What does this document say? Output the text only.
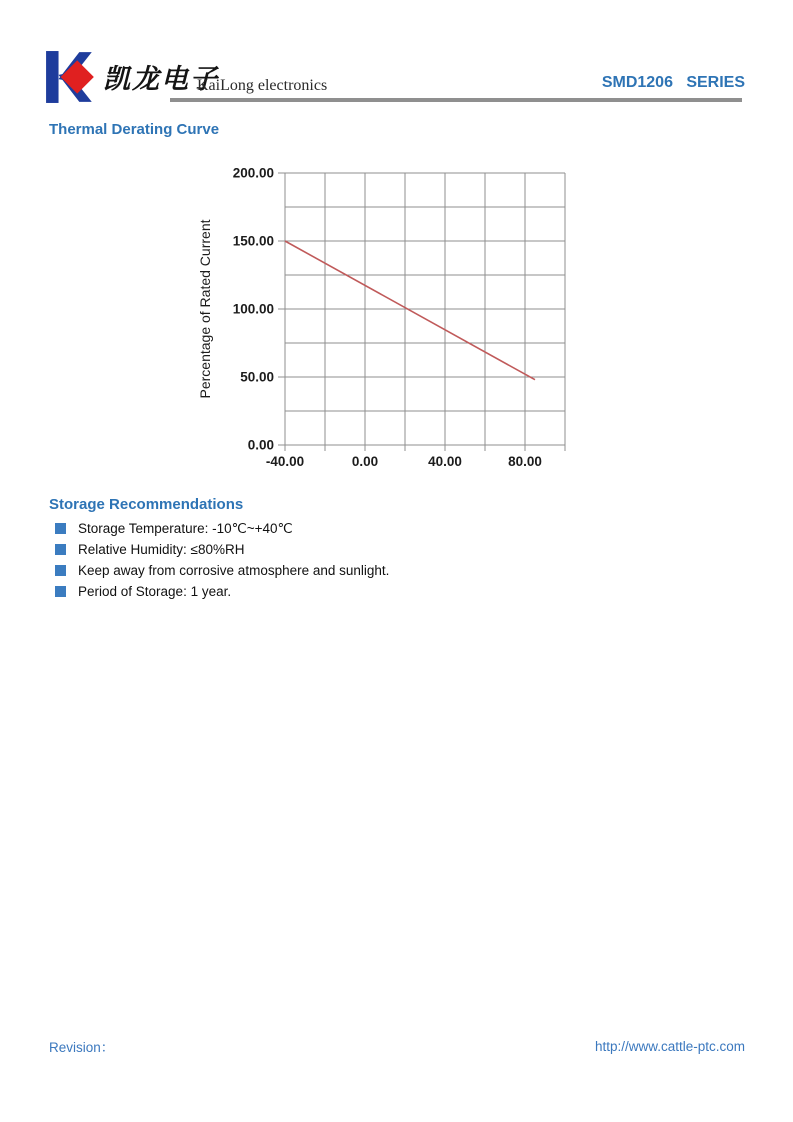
凯龙电子
KaiLong electronics	SMD1206   SERIES
Thermal Derating Curve
0.00
50.00
100.00
150.00
200.00
-40.00	0.00	40.00	80.00
Percentage of Rated Current
Storage Recommendations
Storage Temperature: -10℃~+40℃
Relative Humidity: ≤80%RH
Keep away from corrosive atmosphere and sunlight.
Period of Storage: 1 year.
Revision：	http://www.cattle-ptc.com
